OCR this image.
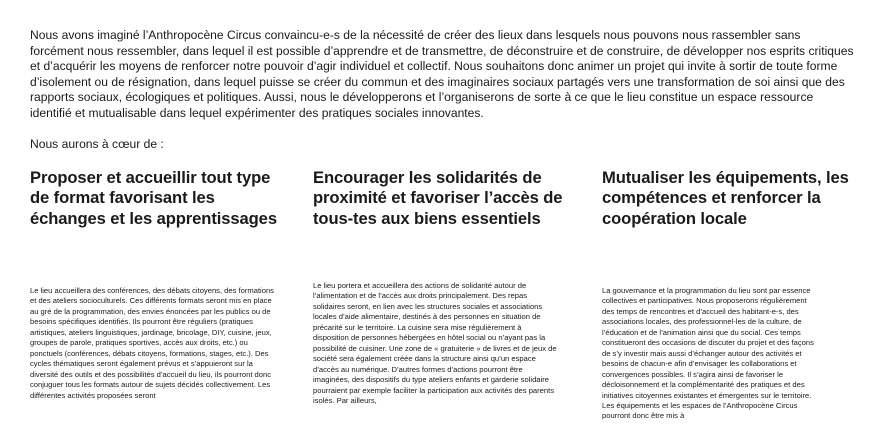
Nous avons imaginé l’Anthropocène Circus convaincu-e-s de la nécessité de créer des lieux dans lesquels nous pouvons nous rassembler sans forcément nous ressembler, dans lequel il est possible d’apprendre et de transmettre, de déconstruire et de construire, de développer nos esprits critiques et d’acquérir les moyens de renforcer notre pouvoir d’agir individuel et collectif. Nous souhaitons donc animer un projet qui invite à sortir de toute forme d’isolement ou de résignation, dans lequel puisse se créer du commun et des imaginaires sociaux partagés vers une transformation de soi ainsi que des rapports sociaux, écologiques et politiques. Aussi, nous le développerons et l’organiserons de sorte à ce que le lieu constitue un espace ressource identifié et mutualisable dans lequel expérimenter des pratiques sociales innovantes.

Nous aurons à cœur de :

Proposer et accueillir tout type de format favorisant les échanges et les apprentissages

Le lieu accueillera des conférences, des débats citoyens, des formations et des ateliers socioculturels. Ces différents formats seront mis en place au gré de la programmation, des envies énoncées par les publics ou de besoins spécifiques identifiés. Ils pourront être réguliers (pratiques artistiques, ateliers linguistiques, jardinage, bricolage, DIY, cuisine, jeux, groupes de parole, pratiques sportives, accès aux droits, etc.) ou ponctuels (conférences, débats citoyens, formations, stages, etc.). Des cycles thématiques seront également prévus et s’appuieront sur la diversité des outils et des possibilités d’accueil du lieu, ils pourront donc conjuguer tous les formats autour de sujets décidés collectivement. Les différentes activités proposées seront

Encourager les solidarités de proximité et favoriser l’accès de tous-tes aux biens essentiels

Le lieu portera et accueillera des actions de solidarité autour de l’alimentation et de l’accès aux droits principalement. Des repas solidaires seront, en lien avec les structures sociales et associations locales d’aide alimentaire, destinés à des personnes en situation de précarité sur le territoire. La cuisine sera mise régulièrement à disposition de personnes hébergées en hôtel social ou n’ayant pas la possibilité de cuisiner. Une zone de « gratuiterie » de livres et de jeux de société sera également créée dans la structure ainsi qu’un espace d’accès au numérique. D’autres formes d’actions pourront être imaginées, des dispositifs du type ateliers enfants et garderie solidaire pourraient par exemple faciliter la participation aux activités des parents isolés. Par ailleurs,

Mutualiser les équipements, les compétences et renforcer la coopération locale

La gouvernance et la programmation du lieu sont par essence collectives et participatives. Nous proposerons régulièrement des temps de rencontres et d’accueil des habitant-e-s, des associations locales, des professionnel-les de la culture, de l’éducation et de l’animation ainsi que du social. Ces temps constitueront des occasions de discuter du projet et des façons de s’y investir mais aussi d’échanger autour des activités et besoins de chacun-e afin d’envisager les collaborations et convergences possibles. Il s’agira ainsi de favoriser le décloisonnement et la complémentarité des pratiques et des initiatives citoyennes existantes et émergentes sur le territoire. Les équipements et les espaces de l’Anthropocène Circus pourront donc être mis à
